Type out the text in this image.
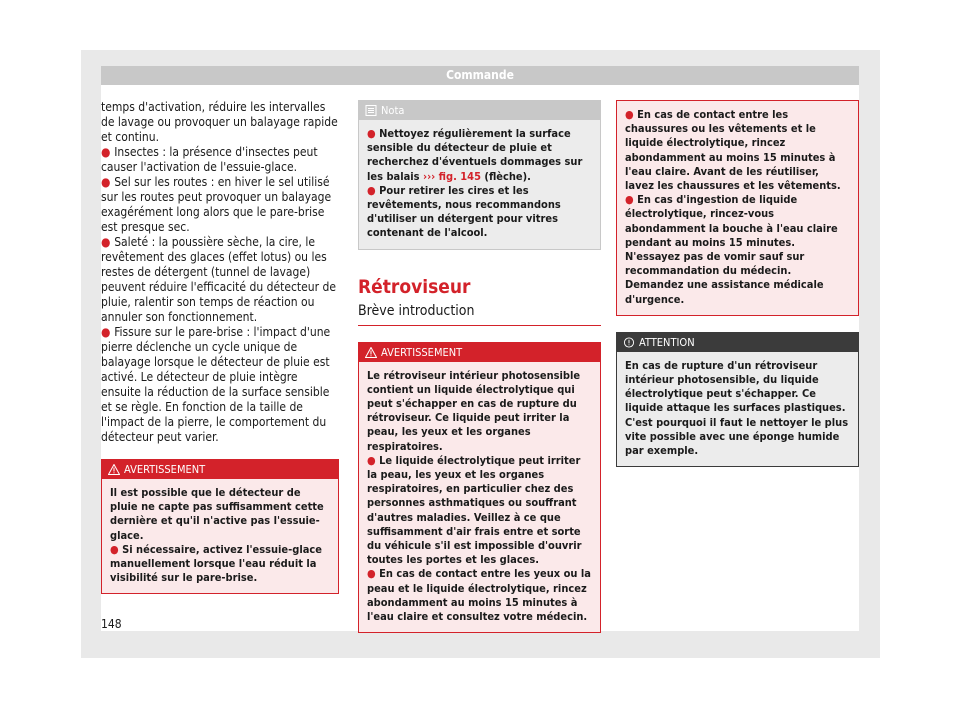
Commande

temps d'activation, réduire les intervalles de lavage ou provoquer un balayage rapide et continu.

● Insectes : la présence d'insectes peut causer l'activation de l'essuie-glace.

● Sel sur les routes : en hiver le sel utilisé sur les routes peut provoquer un balayage exagérément long alors que le pare-brise est presque sec.

● Saleté : la poussière sèche, la cire, le revêtement des glaces (effet lotus) ou les restes de détergent (tunnel de lavage) peuvent réduire l'efficacité du détecteur de pluie, ralentir son temps de réaction ou annuler son fonctionnement.

● Fissure sur le pare-brise : l'impact d'une pierre déclenche un cycle unique de balayage lorsque le détecteur de pluie est activé. Le détecteur de pluie intègre ensuite la réduction de la surface sensible et se règle. En fonction de la taille de l'impact de la pierre, le comportement du détecteur peut varier.

AVERTISSEMENT

Il est possible que le détecteur de pluie ne capte pas suffisamment cette dernière et qu'il n'active pas l'essuie-glace.

● Si nécessaire, activez l'essuie-glace manuellement lorsque l'eau réduit la visibilité sur le pare-brise.

Nota

● Nettoyez régulièrement la surface sensible du détecteur de pluie et recherchez d'éventuels dommages sur les balais ››› fig. 145 (flèche).

● Pour retirer les cires et les revêtements, nous recommandons d'utiliser un détergent pour vitres contenant de l'alcool.

Rétroviseur

Brève introduction

AVERTISSEMENT

Le rétroviseur intérieur photosensible contient un liquide électrolytique qui peut s'échapper en cas de rupture du rétroviseur. Ce liquide peut irriter la peau, les yeux et les organes respiratoires.

● Le liquide électrolytique peut irriter la peau, les yeux et les organes respiratoires, en particulier chez des personnes asthmatiques ou souffrant d'autres maladies. Veillez à ce que suffisamment d'air frais entre et sorte du véhicule s'il est impossible d'ouvrir toutes les portes et les glaces.

● En cas de contact entre les yeux ou la peau et le liquide électrolytique, rincez abondamment au moins 15 minutes à l'eau claire et consultez votre médecin.

● En cas de contact entre les chaussures ou les vêtements et le liquide électrolytique, rincez abondamment au moins 15 minutes à l'eau claire. Avant de les réutiliser, lavez les chaussures et les vêtements.

● En cas d'ingestion de liquide électrolytique, rincez-vous abondamment la bouche à l'eau claire pendant au moins 15 minutes. N'essayez pas de vomir sauf sur recommandation du médecin. Demandez une assistance médicale d'urgence.

ATTENTION

En cas de rupture d'un rétroviseur intérieur photosensible, du liquide électrolytique peut s'échapper. Ce liquide attaque les surfaces plastiques. C'est pourquoi il faut le nettoyer le plus vite possible avec une éponge humide par exemple.

148
